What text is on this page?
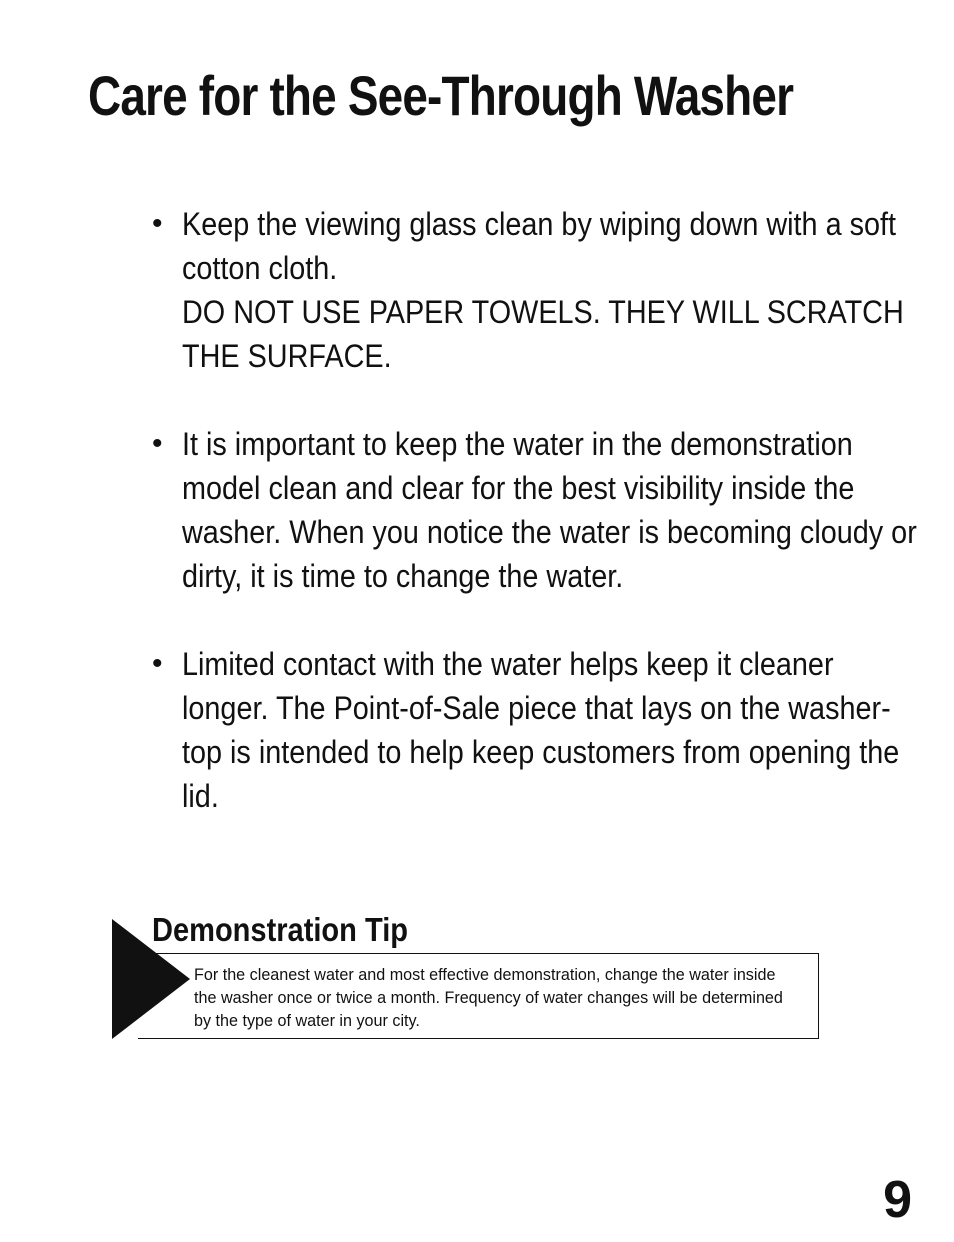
Care for the See-Through Washer
• Keep the viewing glass clean by wiping down with a soft cotton cloth.
DO NOT USE PAPER TOWELS. THEY WILL SCRATCH THE SURFACE.
• It is important to keep the water in the demonstration model clean and clear for the best visibility inside the washer. When you notice the water is becoming cloudy or dirty, it is time to change the water.
• Limited contact with the water helps keep it cleaner longer. The Point-of-Sale piece that lays on the washer-top is intended to help keep customers from opening the lid.
Demonstration Tip

For the cleanest water and most effective demonstration, change the water inside the washer once or twice a month. Frequency of water changes will be determined by the type of water in your city.

9
